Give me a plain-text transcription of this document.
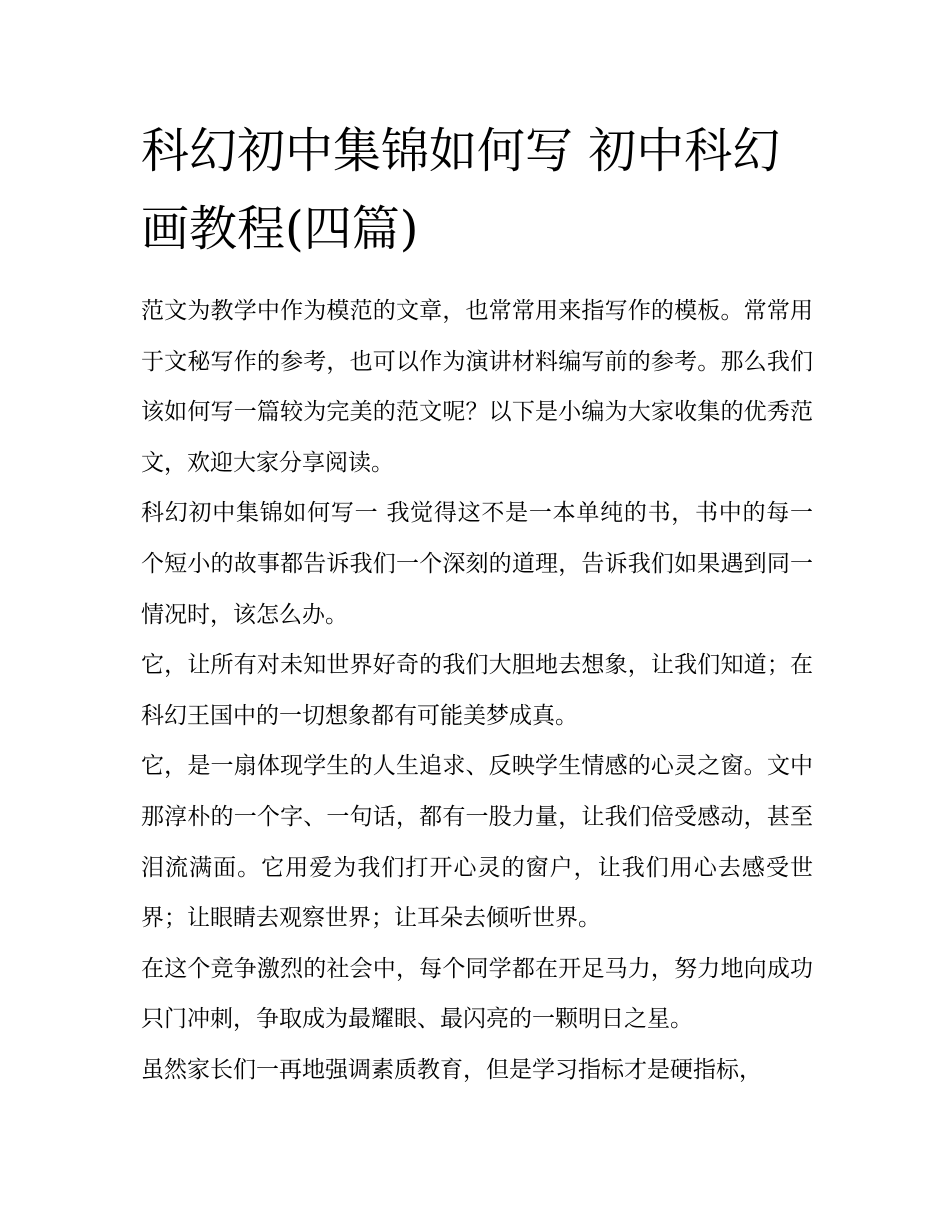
科幻初中集锦如何写 初中科幻画教程(四篇)

范文为教学中作为模范的文章，也常常用来指写作的模板。常常用于文秘写作的参考，也可以作为演讲材料编写前的参考。那么我们该如何写一篇较为完美的范文呢？以下是小编为大家收集的优秀范文，欢迎大家分享阅读。

科幻初中集锦如何写一 我觉得这不是一本单纯的书，书中的每一个短小的故事都告诉我们一个深刻的道理，告诉我们如果遇到同一情况时，该怎么办。

它，让所有对未知世界好奇的我们大胆地去想象，让我们知道；在科幻王国中的一切想象都有可能美梦成真。

它，是一扇体现学生的人生追求、反映学生情感的心灵之窗。文中那淳朴的一个字、一句话，都有一股力量，让我们倍受感动，甚至泪流满面。它用爱为我们打开心灵的窗户，让我们用心去感受世界；让眼睛去观察世界；让耳朵去倾听世界。

在这个竞争激烈的社会中，每个同学都在开足马力，努力地向成功只门冲刺，争取成为最耀眼、最闪亮的一颗明日之星。

虽然家长们一再地强调素质教育，但是学习指标才是硬指标，
